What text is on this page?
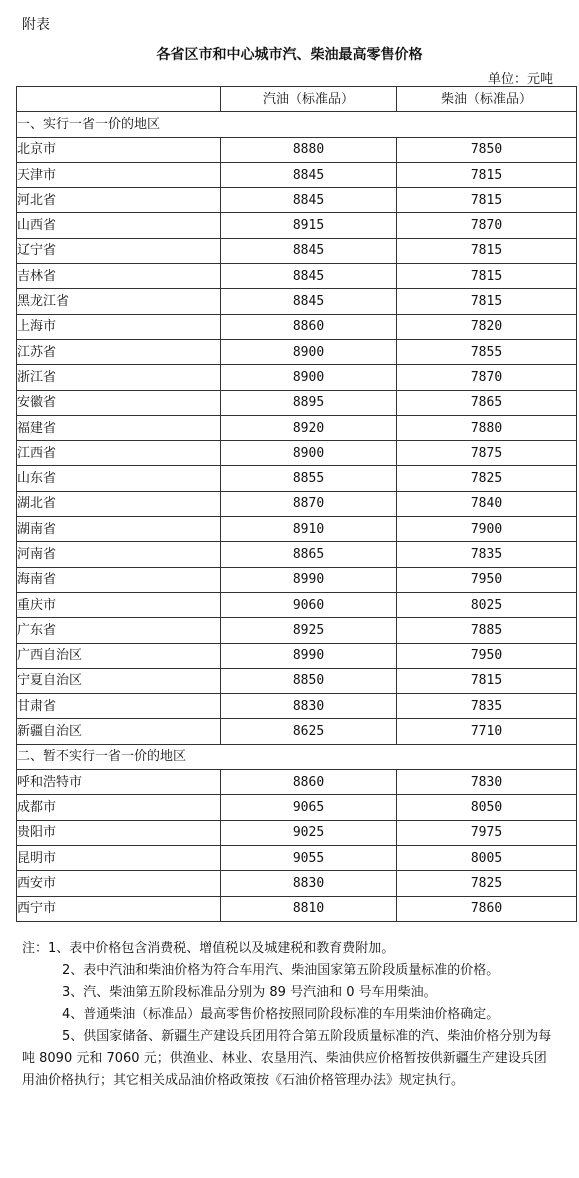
附表
各省区市和中心城市汽、柴油最高零售价格
单位：元吨
	汽油（标准品）	柴油（标准品）
一、实行一省一价的地区		
北京市	8880	7850
天津市	8845	7815
河北省	8845	7815
山西省	8915	7870
辽宁省	8845	7815
吉林省	8845	7815
黑龙江省	8845	7815
上海市	8860	7820
江苏省	8900	7855
浙江省	8900	7870
安徽省	8895	7865
福建省	8920	7880
江西省	8900	7875
山东省	8855	7825
湖北省	8870	7840
湖南省	8910	7900
河南省	8865	7835
海南省	8990	7950
重庆市	9060	8025
广东省	8925	7885
广西自治区	8990	7950
宁夏自治区	8850	7815
甘肃省	8830	7835
新疆自治区	8625	7710
二、暂不实行一省一价的地区		
呼和浩特市	8860	7830
成都市	9065	8050
贵阳市	9025	7975
昆明市	9055	8005
西安市	8830	7825
西宁市	8810	7860

注：1、表中价格包含消费税、增值税以及城建税和教育费附加。

2、表中汽油和柴油价格为符合车用汽、柴油国家第五阶段质量标准的价格。

3、汽、柴油第五阶段标准品分别为 89 号汽油和 0 号车用柴油。

4、普通柴油（标准品）最高零售价格按照同阶段标准的车用柴油价格确定。

5、供国家储备、新疆生产建设兵团用符合第五阶段质量标准的汽、柴油价格分别为每吨 8090 元和 7060 元；供渔业、林业、农垦用汽、柴油供应价格暂按供新疆生产建设兵团用油价格执行；其它相关成品油价格政策按《石油价格管理办法》规定执行。
